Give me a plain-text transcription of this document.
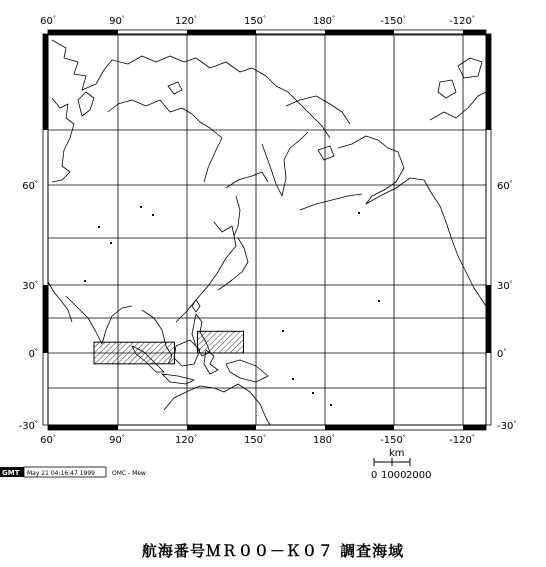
60°	90°	120°	150°	180°	-150°	-120°
60°	90°	120°	150°	180°	-150°	-120°
60°
30°
0°
-30°
60°
30°
0°
-30°
GMT May 21 04:16:47 1999	OMC - Mew
km
0 1000 2000
航海番号ＭＲ００－Ｋ０７ 調査海域
